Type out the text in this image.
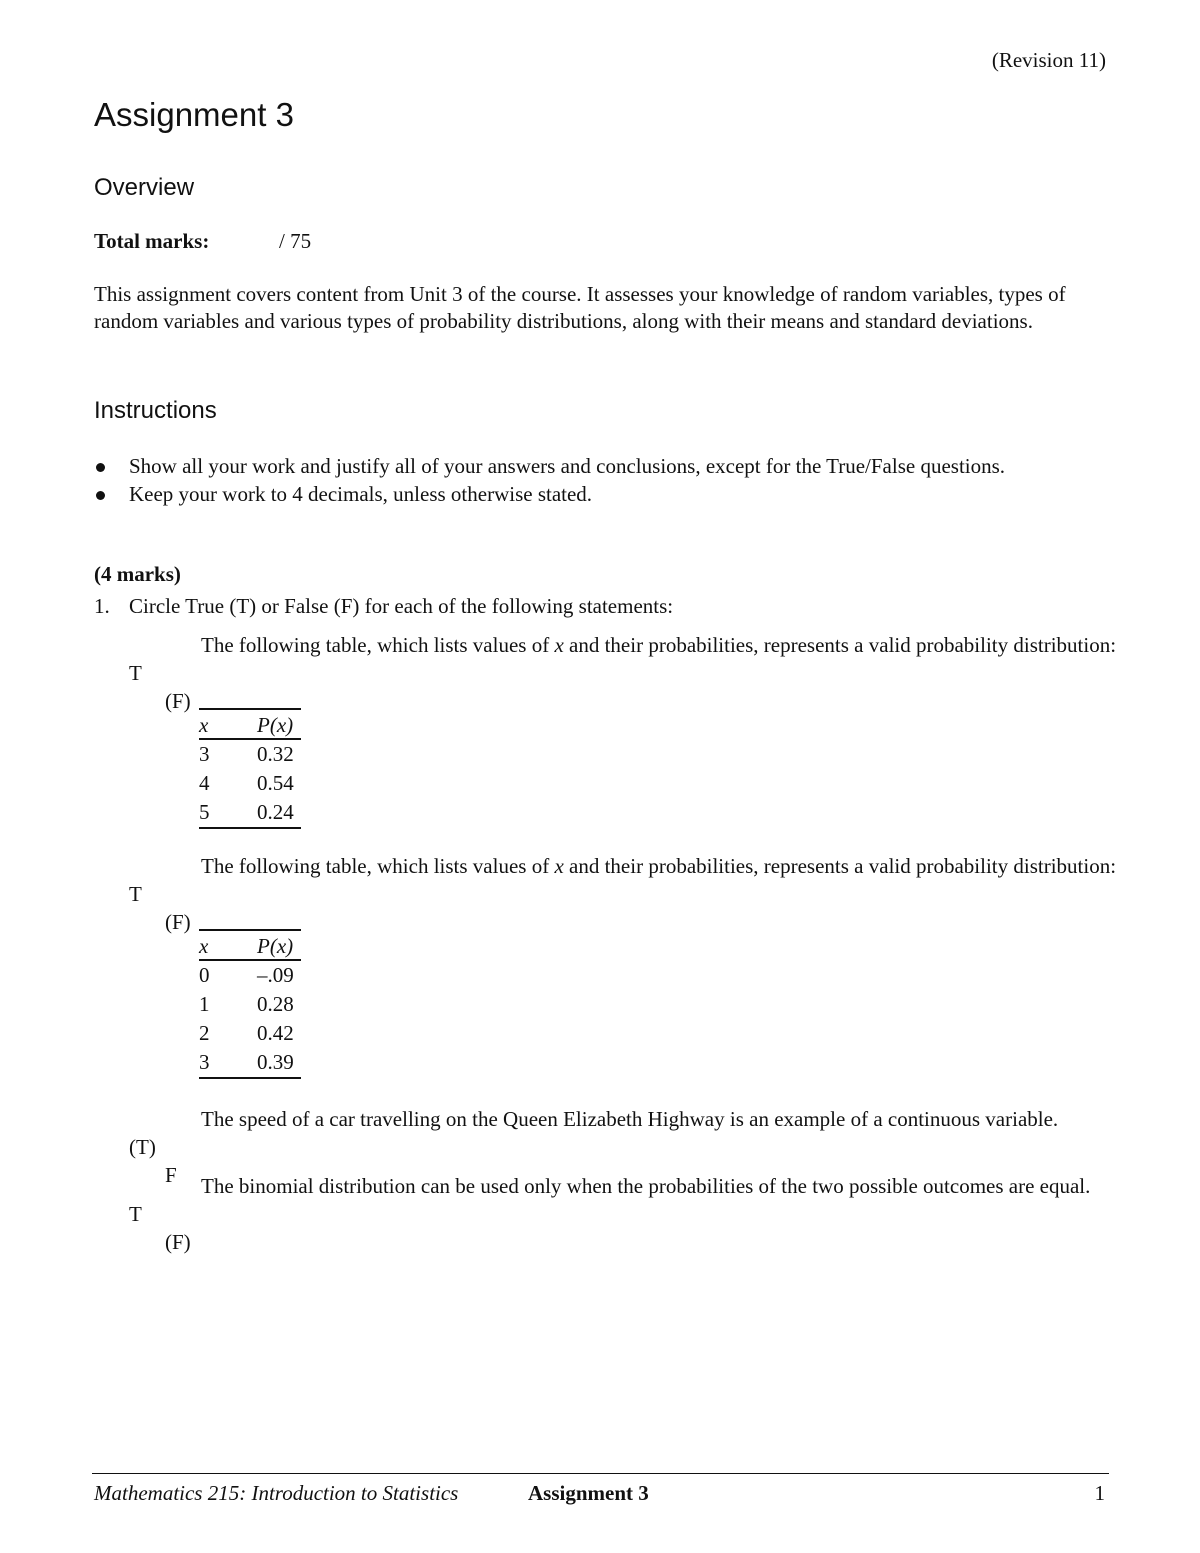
(Revision 11)
Assignment 3
Overview
Total marks:	/ 75

This assignment covers content from Unit 3 of the course. It assesses your knowledge of random variables, types of random variables and various types of probability distributions, along with their means and standard deviations.

Instructions
Show all your work and justify all of your answers and conclusions, except for the True/False questions.
Keep your work to 4 decimals, unless otherwise stated.
(4 marks)
1. Circle True (T) or False (F) for each of the following statements:

T

(F)

The following table, which lists values of x and their probabilities, represents a valid probability distribution:
x	P(x)
3	0.32
4	0.54
5	0.24

T

(F)

The following table, which lists values of x and their probabilities, represents a valid probability distribution:
x	P(x)
0	–.09
1	0.28
2	0.42
3	0.39

(T)

F

The speed of a car travelling on the Queen Elizabeth Highway is an example of a continuous variable.

T

(F)

The binomial distribution can be used only when the probabilities of the two possible outcomes are equal.
Mathematics 215: Introduction to Statistics	Assignment 3	1
